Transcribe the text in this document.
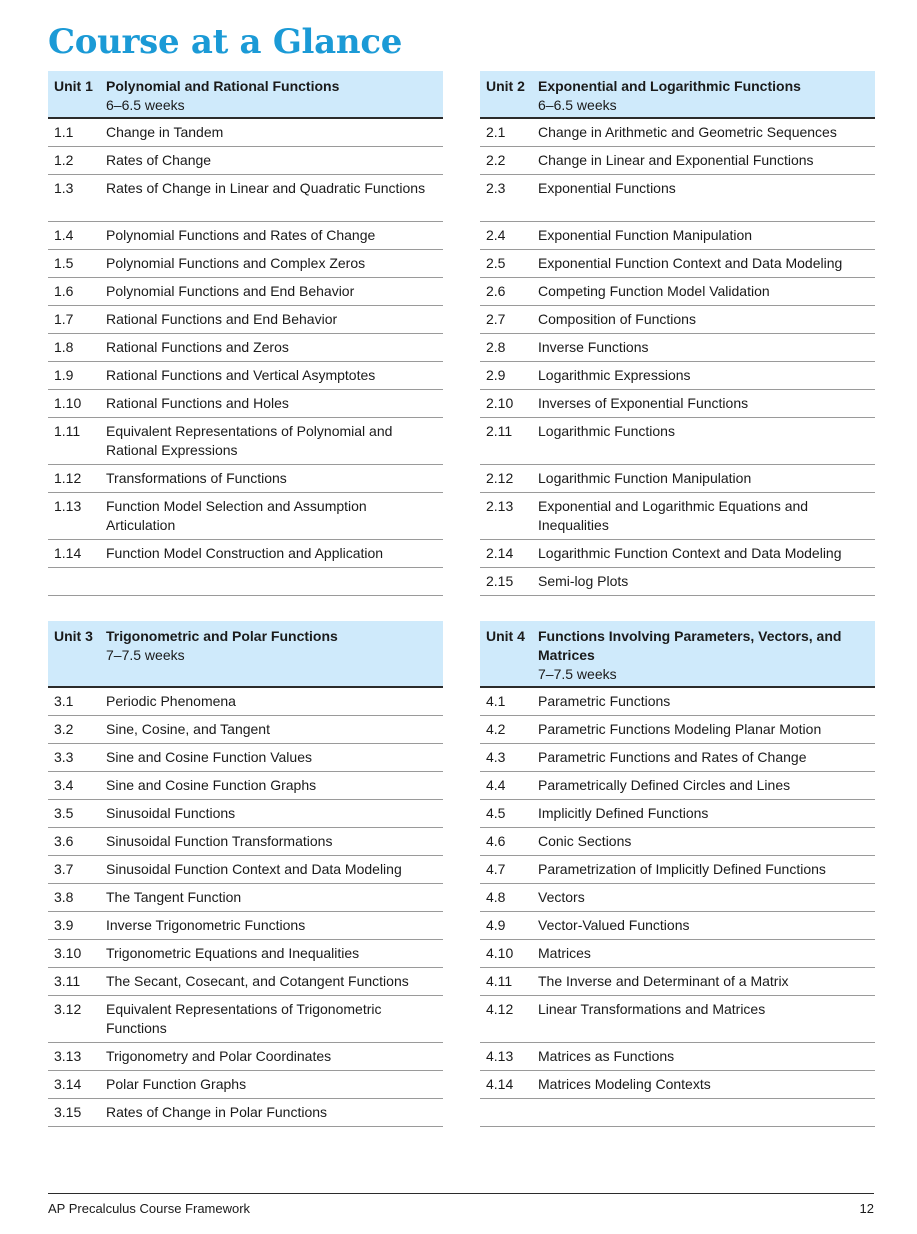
Course at a Glance
Unit 1 Polynomial and Rational Functions
6–6.5 weeks
1.1	Change in Tandem
1.2	Rates of Change
1.3	Rates of Change in Linear and Quadratic Functions
1.4	Polynomial Functions and Rates of Change
1.5	Polynomial Functions and Complex Zeros
1.6	Polynomial Functions and End Behavior
1.7	Rational Functions and End Behavior
1.8	Rational Functions and Zeros
1.9	Rational Functions and Vertical Asymptotes
1.10	Rational Functions and Holes
1.11	Equivalent Representations of Polynomial and Rational Expressions
1.12	Transformations of Functions
1.13	Function Model Selection and Assumption Articulation
1.14	Function Model Construction and Application
Unit 2 Exponential and Logarithmic Functions
6–6.5 weeks
2.1	Change in Arithmetic and Geometric Sequences
2.2	Change in Linear and Exponential Functions
2.3	Exponential Functions
2.4	Exponential Function Manipulation
2.5	Exponential Function Context and Data Modeling
2.6	Competing Function Model Validation
2.7	Composition of Functions
2.8	Inverse Functions
2.9	Logarithmic Expressions
2.10	Inverses of Exponential Functions
2.11	Logarithmic Functions
2.12	Logarithmic Function Manipulation
2.13	Exponential and Logarithmic Equations and Inequalities
2.14	Logarithmic Function Context and Data Modeling
2.15	Semi-log Plots
Unit 3 Trigonometric and Polar Functions
7–7.5 weeks
3.1	Periodic Phenomena
3.2	Sine, Cosine, and Tangent
3.3	Sine and Cosine Function Values
3.4	Sine and Cosine Function Graphs
3.5	Sinusoidal Functions
3.6	Sinusoidal Function Transformations
3.7	Sinusoidal Function Context and Data Modeling
3.8	The Tangent Function
3.9	Inverse Trigonometric Functions
3.10	Trigonometric Equations and Inequalities
3.11	The Secant, Cosecant, and Cotangent Functions
3.12	Equivalent Representations of Trigonometric Functions
3.13	Trigonometry and Polar Coordinates
3.14	Polar Function Graphs
3.15	Rates of Change in Polar Functions
Unit 4 Functions Involving Parameters, Vectors, and Matrices
7–7.5 weeks
4.1	Parametric Functions
4.2	Parametric Functions Modeling Planar Motion
4.3	Parametric Functions and Rates of Change
4.4	Parametrically Defined Circles and Lines
4.5	Implicitly Defined Functions
4.6	Conic Sections
4.7	Parametrization of Implicitly Defined Functions
4.8	Vectors
4.9	Vector-Valued Functions
4.10	Matrices
4.11	The Inverse and Determinant of a Matrix
4.12	Linear Transformations and Matrices
4.13	Matrices as Functions
4.14	Matrices Modeling Contexts
AP Precalculus Course Framework	12
